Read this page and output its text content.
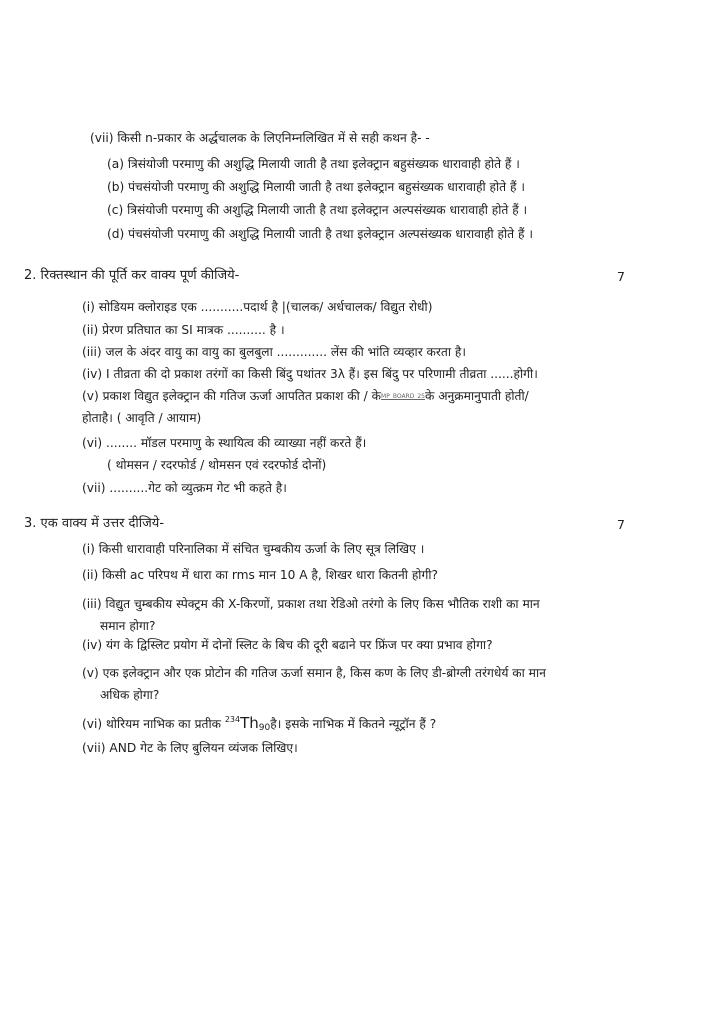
(vii) किसी n-प्रकार के अर्द्धचालक के लिएनिम्नलिखित में से सही कथन है- -
(a) त्रिसंयोजी परमाणु की अशुद्धि मिलायी जाती है तथा इलेक्ट्रान बहुसंख्यक धारावाही होते हैं ।
(b) पंचसंयोजी परमाणु की अशुद्धि मिलायी जाती है तथा इलेक्ट्रान बहुसंख्यक धारावाही होते हैं ।
(c) त्रिसंयोजी परमाणु की अशुद्धि मिलायी जाती है तथा इलेक्ट्रान अल्पसंख्यक धारावाही होते हैं ।
(d) पंचसंयोजी परमाणु की अशुद्धि मिलायी जाती है तथा इलेक्ट्रान अल्पसंख्यक धारावाही होते हैं ।
2. रिक्तस्थान की पूर्ति कर वाक्य पूर्ण कीजिये-	7
(i) सोडियम क्लोराइड एक ...........पदार्थ है |(चालक/ अर्धचालक/ विद्युत रोधी)
(ii) प्रेरण प्रतिघात का SI मात्रक .......... है ।
(iii) जल के अंदर वायु का वायु का बुलबुला ............. लेंस की भांति व्यव्हार करता है।
(iv) I तीव्रता की दो प्रकाश तरंगों का किसी बिंदु पथांतर 3λ हैं। इस बिंदु पर परिणामी तीव्रता ......होगी।
(v) प्रकाश विद्युत इलेक्ट्रान की गतिज ऊर्जा आपतित प्रकाश की / केMP_BOARD_25के अनुक्रमानुपाती होती/
होताहै। ( आवृति / आयाम)
(vi) ........ मॉडल परमाणु के स्थायित्व की व्याख्या नहीं करते हैं।
( थोमसन / रदरफोर्ड / थोमसन एवं रदरफोर्ड दोनों)
(vii) ..........गेट को व्युत्क्रम गेट भी कहते है।
3. एक वाक्य में उत्तर दीजिये-	7
(i) किसी धारावाही परिनालिका में संचित चुम्बकीय ऊर्जा के लिए सूत्र लिखिए ।
(ii) किसी ac परिपथ में धारा का rms मान 10 A है, शिखर धारा कितनी होगी?
(iii) विद्युत चुम्बकीय स्पेक्ट्रम की X-किरणों, प्रकाश तथा रेडिओ तरंगो के लिए किस भौतिक राशी का मान
समान होगा?
(iv) यंग के द्विस्लिट प्रयोग में दोनों स्लिट के बिच की दूरी बढाने पर फ्रिंज पर क्या प्रभाव होगा?
(v) एक इलेक्ट्रान और एक प्रोटोन की गतिज ऊर्जा समान है, किस कण के लिए डी-ब्रोग्ली तरंगधेर्य का मान
अधिक होगा?
(vi) थोरियम नाभिक का प्रतीक $^{234}Th_{90}है।$ इसके नाभिक में कितने न्यूट्रॉन हैं ?
(vii) AND गेट के लिए बुलियन व्यंजक लिखिए।
